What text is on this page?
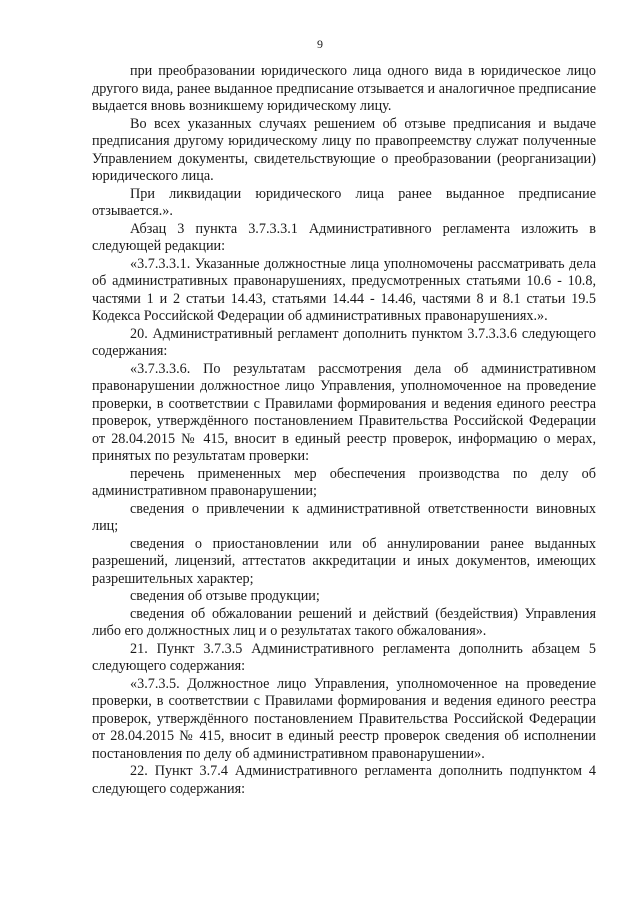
9

при преобразовании юридического лица одного вида в юридическое лицо другого вида, ранее выданное предписание отзывается и аналогичное предписание выдается вновь возникшему юридическому лицу.

Во всех указанных случаях решением об отзыве предписания и выдаче предписания другому юридическому лицу по правопреемству служат полученные Управлением документы, свидетельствующие о преобразовании (реорганизации) юридического лица.

При ликвидации юридического лица ранее выданное предписание отзывается.».

Абзац 3 пункта 3.7.3.3.1 Административного регламента изложить в следующей редакции:

«3.7.3.3.1. Указанные должностные лица уполномочены рассматривать дела об административных правонарушениях, предусмотренных статьями 10.6 - 10.8, частями 1 и 2 статьи 14.43, статьями 14.44 - 14.46, частями 8 и 8.1 статьи 19.5 Кодекса Российской Федерации об административных правонарушениях.».

20. Административный регламент дополнить пунктом 3.7.3.3.6 следующего содержания:

«3.7.3.3.6. По результатам рассмотрения дела об административном правонарушении должностное лицо Управления, уполномоченное на проведение проверки, в соответствии с Правилами формирования и ведения единого реестра проверок, утверждённого постановлением Правительства Российской Федерации от 28.04.2015 № 415, вносит в единый реестр проверок, информацию о мерах, принятых по результатам проверки:

перечень примененных мер обеспечения производства по делу об административном правонарушении;

сведения о привлечении к административной ответственности виновных лиц;

сведения о приостановлении или об аннулировании ранее выданных разрешений, лицензий, аттестатов аккредитации и иных документов, имеющих разрешительных характер;

сведения об отзыве продукции;

сведения об обжаловании решений и действий (бездействия) Управления либо его должностных лиц и о результатах такого обжалования».

21. Пункт 3.7.3.5 Административного регламента дополнить абзацем 5 следующего содержания:

«3.7.3.5. Должностное лицо Управления, уполномоченное на проведение проверки, в соответствии с Правилами формирования и ведения единого реестра проверок, утверждённого постановлением Правительства Российской Федерации от 28.04.2015 № 415, вносит в единый реестр проверок сведения об исполнении постановления по делу об административном правонарушении».

22. Пункт 3.7.4 Административного регламента дополнить подпунктом 4 следующего содержания:
